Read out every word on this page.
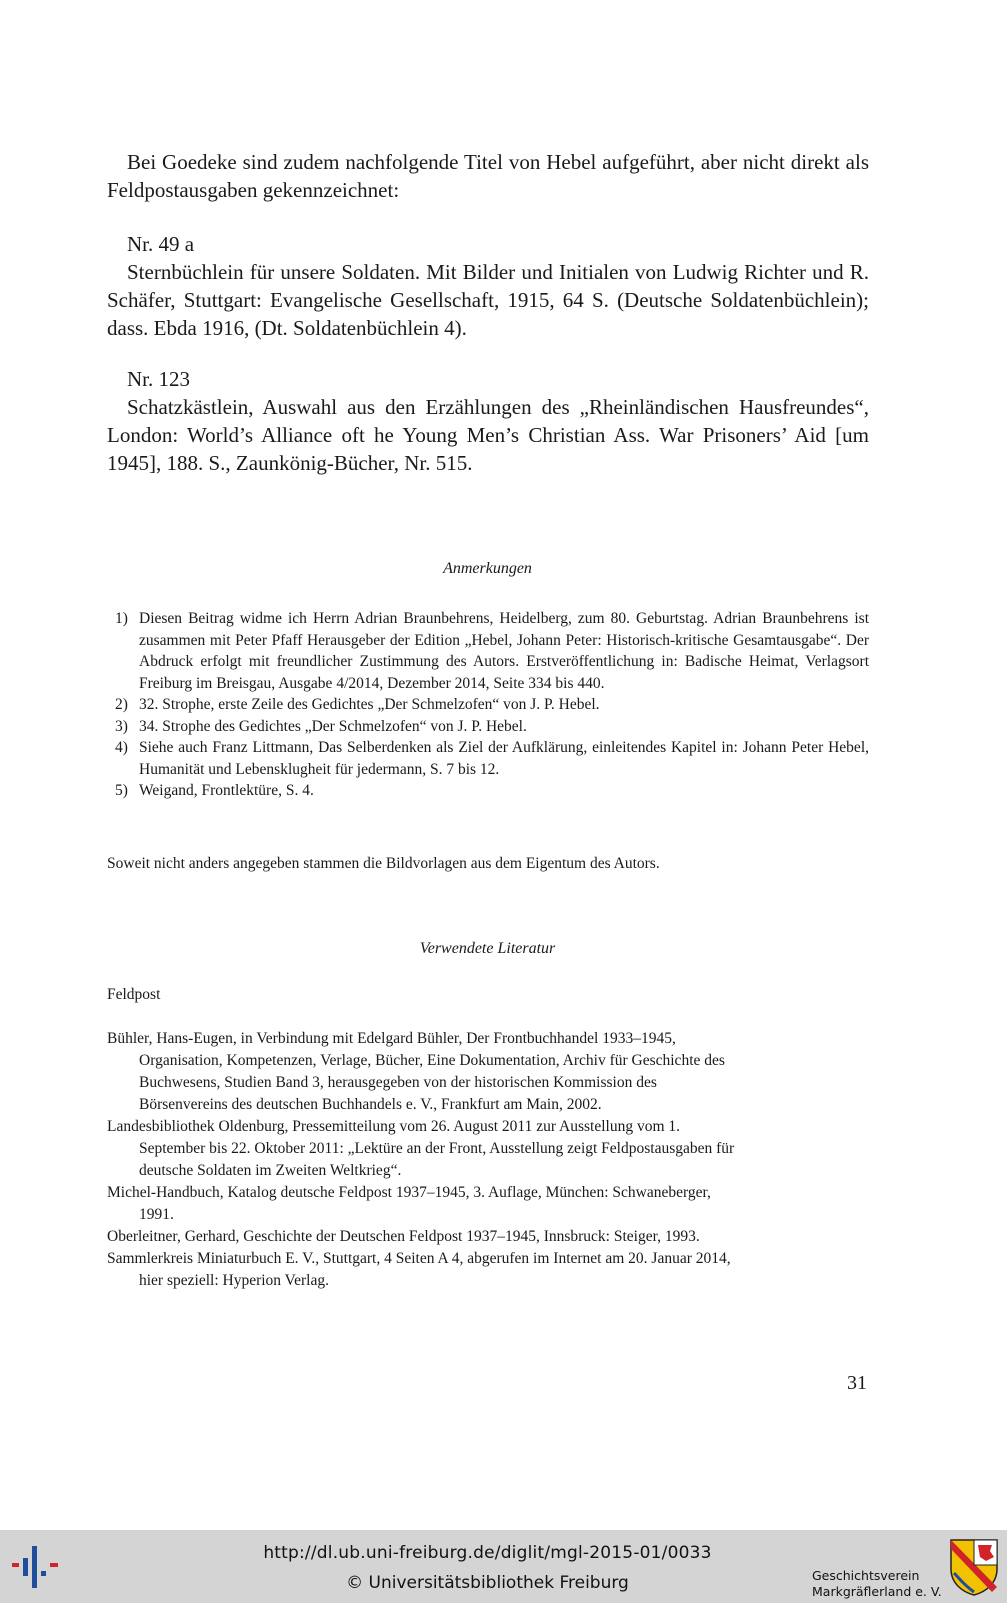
Bei Goedeke sind zudem nachfolgende Titel von Hebel aufgeführt, aber nicht direkt als Feldpostausgaben gekennzeichnet:

Nr. 49 a

Sternbüchlein für unsere Soldaten. Mit Bilder und Initialen von Ludwig Richter und R. Schäfer, Stuttgart: Evangelische Gesellschaft, 1915, 64 S. (Deutsche Soldatenbüchlein); dass. Ebda 1916, (Dt. Soldatenbüchlein 4).

Nr. 123

Schatzkästlein, Auswahl aus den Erzählungen des „Rheinländischen Hausfreundes“, London: World’s Alliance oft he Young Men’s Christian Ass. War Prisoners’ Aid [um 1945], 188. S., Zaunkönig-Bücher, Nr. 515.

Anmerkungen

1) Diesen Beitrag widme ich Herrn Adrian Braunbehrens, Heidelberg, zum 80. Geburtstag. Adrian Braunbehrens ist zusammen mit Peter Pfaff Herausgeber der Edition „Hebel, Johann Peter: Historisch-kritische Gesamtausgabe“. Der Abdruck erfolgt mit freundlicher Zustimmung des Autors. Erstveröffentlichung in: Badische Heimat, Verlagsort Freiburg im Breisgau, Ausgabe 4/2014, Dezember 2014, Seite 334 bis 440.
2) 32. Strophe, erste Zeile des Gedichtes „Der Schmelzofen“ von J. P. Hebel.
3) 34. Strophe des Gedichtes „Der Schmelzofen“ von J. P. Hebel.
4) Siehe auch Franz Littmann, Das Selberdenken als Ziel der Aufklärung, einleitendes Kapitel in: Johann Peter Hebel, Humanität und Lebensklugheit für jedermann, S. 7 bis 12.
5) Weigand, Frontlektüre, S. 4.

Soweit nicht anders angegeben stammen die Bildvorlagen aus dem Eigentum des Autors.

Verwendete Literatur

Feldpost

Bühler, Hans-Eugen, in Verbindung mit Edelgard Bühler, Der Frontbuchhandel 1933–1945, Organisation, Kompetenzen, Verlage, Bücher, Eine Dokumentation, Archiv für Geschichte des Buchwesens, Studien Band 3, herausgegeben von der historischen Kommission des Börsenvereins des deutschen Buchhandels e. V., Frankfurt am Main, 2002.
Landesbibliothek Oldenburg, Pressemitteilung vom 26. August 2011 zur Ausstellung vom 1. September bis 22. Oktober 2011: „Lektüre an der Front, Ausstellung zeigt Feldpostausgaben für deutsche Soldaten im Zweiten Weltkrieg“.
Michel-Handbuch, Katalog deutsche Feldpost 1937–1945, 3. Auflage, München: Schwaneberger, 1991.
Oberleitner, Gerhard, Geschichte der Deutschen Feldpost 1937–1945, Innsbruck: Steiger, 1993.
Sammlerkreis Miniaturbuch E. V., Stuttgart, 4 Seiten A 4, abgerufen im Internet am 20. Januar 2014, hier speziell: Hyperion Verlag.
31
http://dl.ub.uni-freiburg.de/diglit/mgl-2015-01/0033
© Universitätsbibliothek Freiburg	Geschichtsverein
Markgräflerland e. V.
